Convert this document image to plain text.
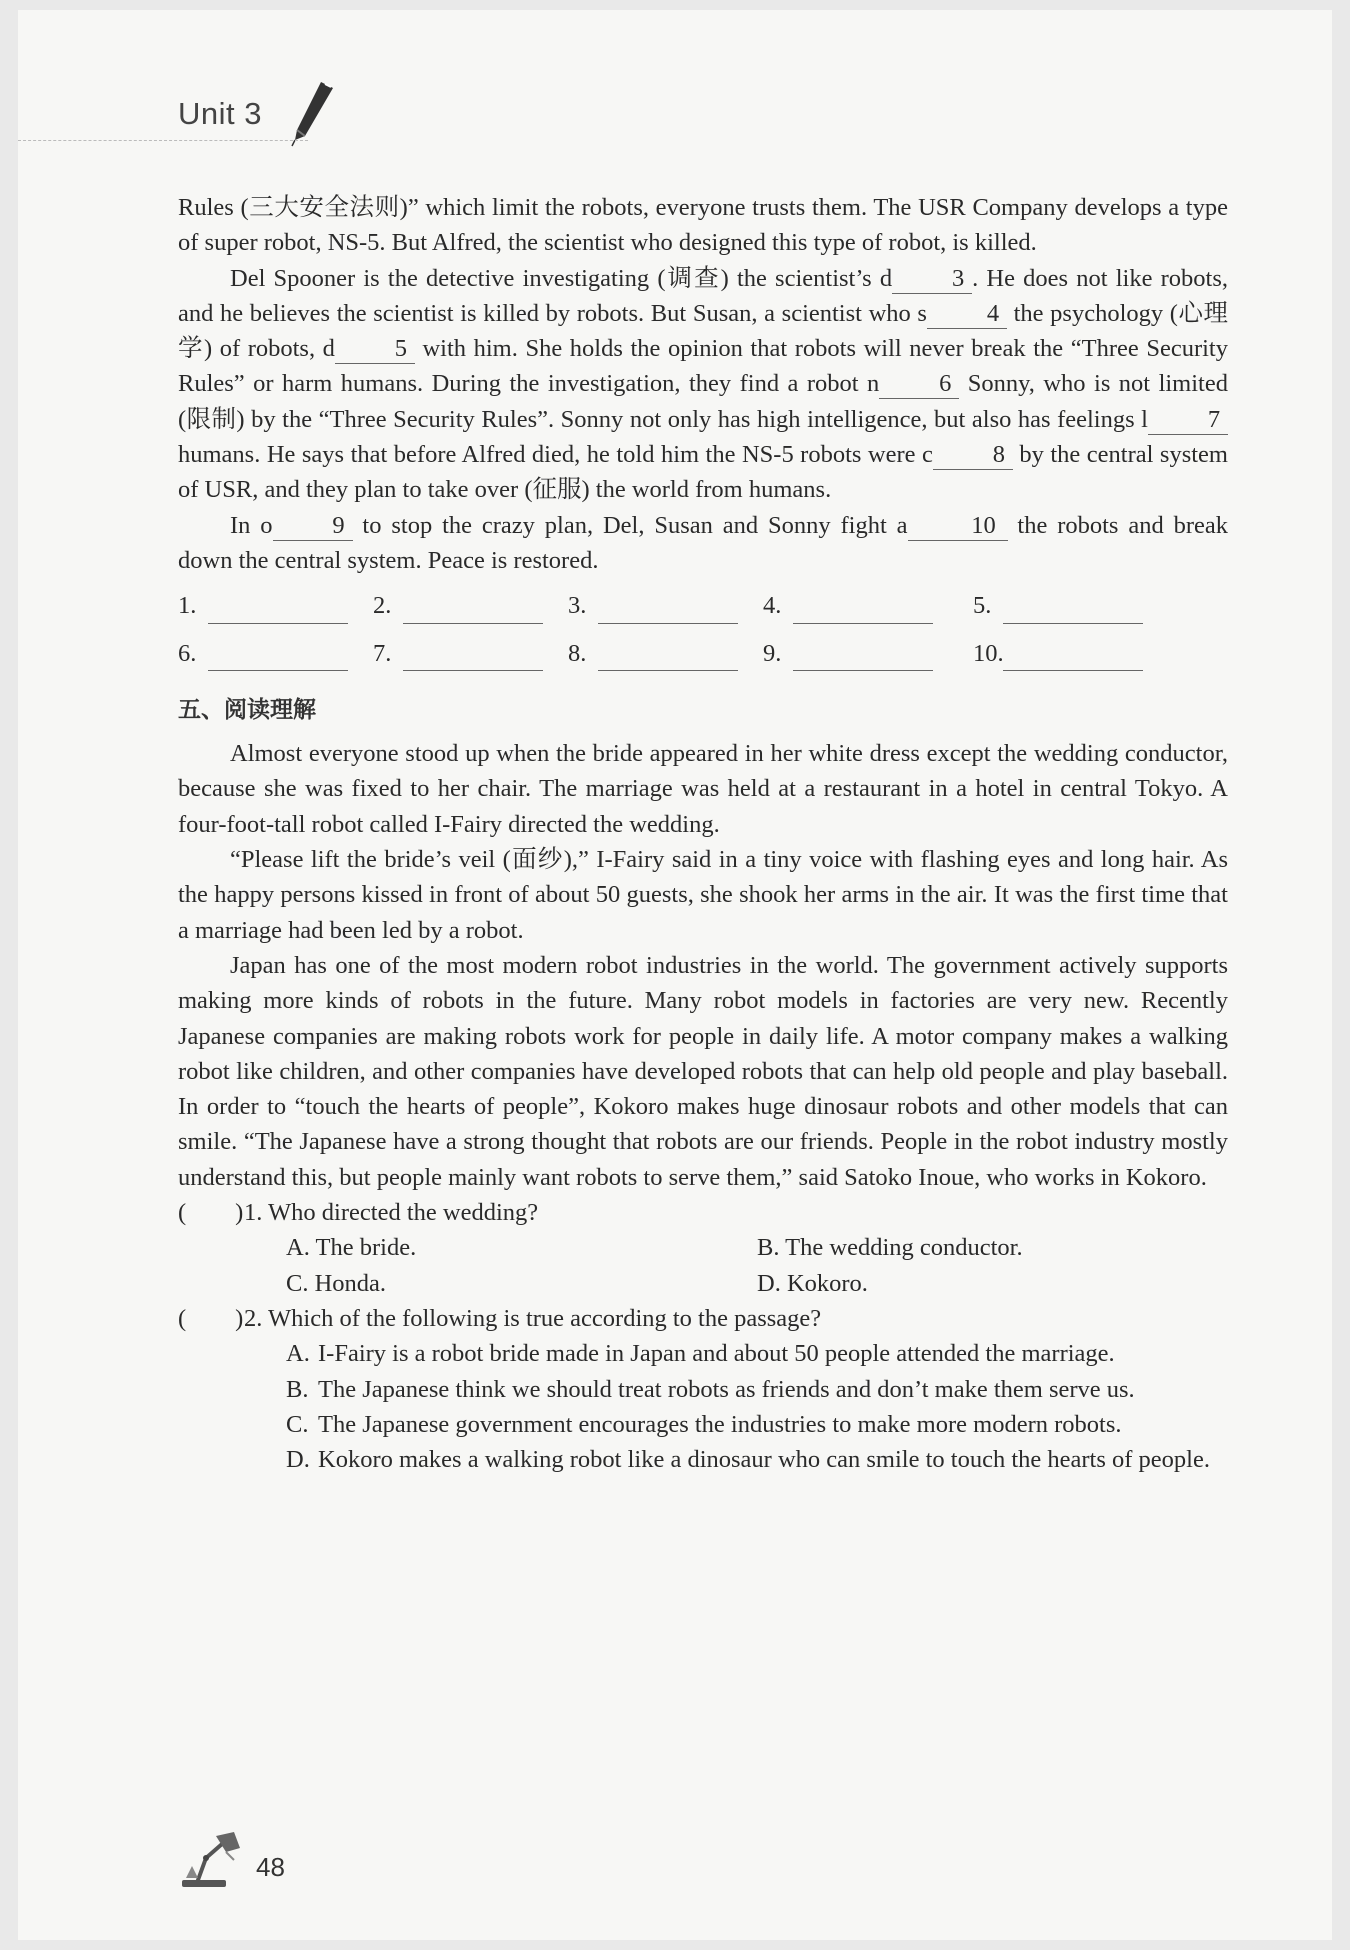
Unit 3

Rules (三大安全法则)” which limit the robots, everyone trusts them. The USR Company develops a type of super robot, NS-5. But Alfred, the scientist who designed this type of robot, is killed.

Del Spooner is the detective investigating (调查) the scientist’s d 3 . He does not like robots, and he believes the scientist is killed by robots. But Susan, a scientist who s 4 the psychology (心理学) of robots, d 5 with him. She holds the opinion that robots will never break the “Three Security Rules” or harm humans. During the investigation, they find a robot n 6 Sonny, who is not limited (限制) by the “Three Security Rules”. Sonny not only has high intelligence, but also has feelings l 7 humans. He says that before Alfred died, he told him the NS-5 robots were c 8 by the central system of USR, and they plan to take over (征服) the world from humans.

In o 9 to stop the crazy plan, Del, Susan and Sonny fight a	10 the robots and break down the central system. Peace is restored.

1.	2.	3.	4.	5.
6.	7.	8.	9.	10.
五、阅读理解

Almost everyone stood up when the bride appeared in her white dress except the wedding conductor, because she was fixed to her chair. The marriage was held at a restaurant in a hotel in central Tokyo. A four-foot-tall robot called I-Fairy directed the wedding.

“Please lift the bride’s veil (面纱),” I-Fairy said in a tiny voice with flashing eyes and long hair. As the happy persons kissed in front of about 50 guests, she shook her arms in the air. It was the first time that a marriage had been led by a robot.

Japan has one of the most modern robot industries in the world. The government actively supports making more kinds of robots in the future. Many robot models in factories are very new. Recently Japanese companies are making robots work for people in daily life. A motor company makes a walking robot like children, and other companies have developed robots that can help old people and play baseball. In order to “touch the hearts of people”, Kokoro makes huge dinosaur robots and other models that can smile. “The Japanese have a strong thought that robots are our friends. People in the robot industry mostly understand this, but people mainly want robots to serve them,” said Satoko Inoue, who works in Kokoro.

(        ) 1. Who directed the wedding?
A. The bride.	B. The wedding conductor.
C. Honda.	D. Kokoro.
(        ) 2. Which of the following is true according to the passage?
A. I-Fairy is a robot bride made in Japan and about 50 people attended the marriage.
B. The Japanese think we should treat robots as friends and don’t make them serve us.
C. The Japanese government encourages the industries to make more modern robots.
D. Kokoro makes a walking robot like a dinosaur who can smile to touch the hearts of people.
48
